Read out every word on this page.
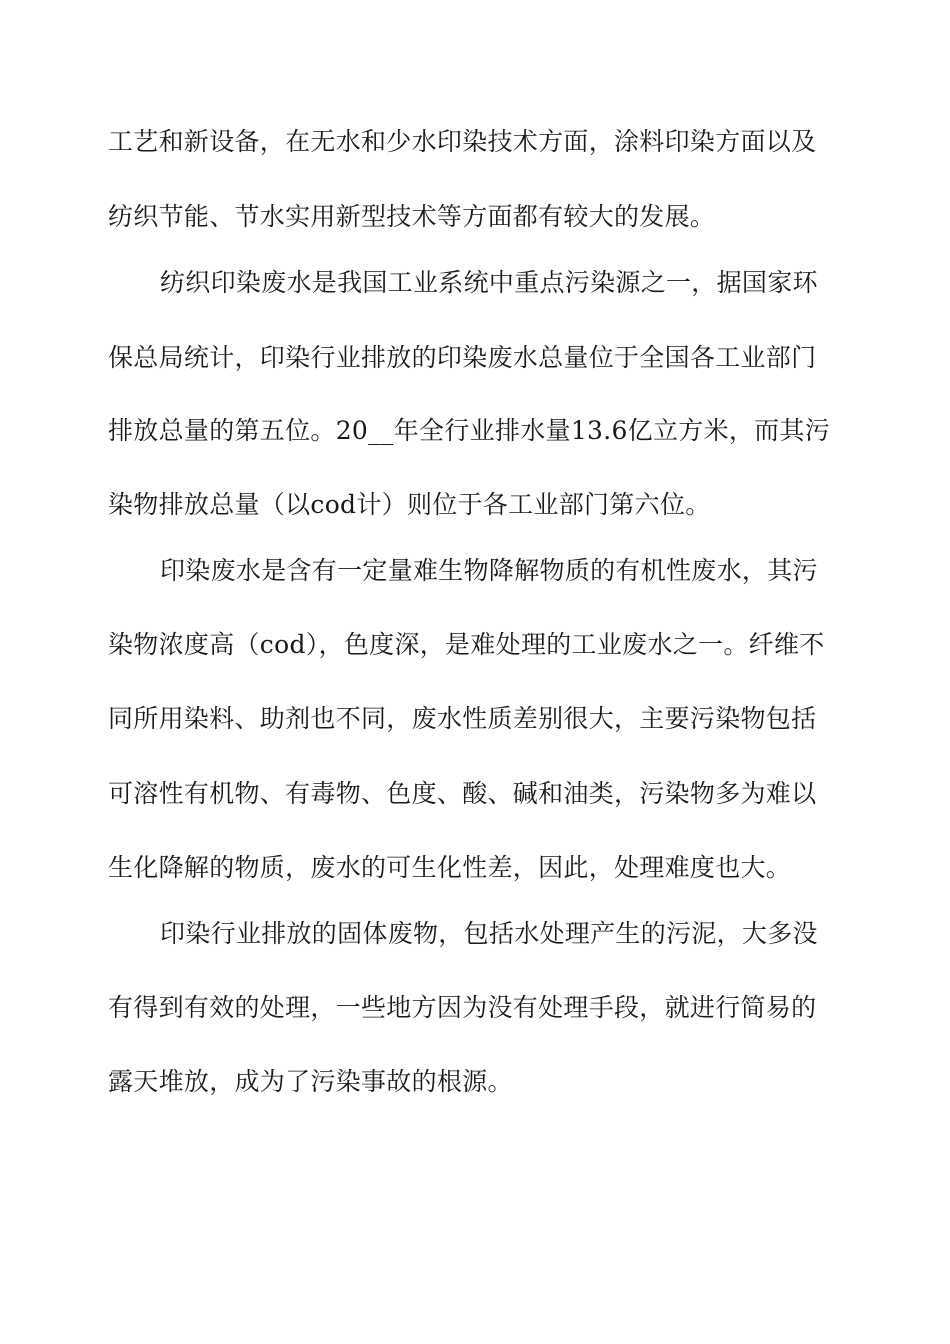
工艺和新设备，在无水和少水印染技术方面，涂料印染方面以及
纺织节能、节水实用新型技术等方面都有较大的发展。
纺织印染废水是我国工业系统中重点污染源之一，据国家环
保总局统计，印染行业排放的印染废水总量位于全国各工业部门
排放总量的第五位。20__年全行业排水量13.6亿立方米，而其污
染物排放总量（以cod计）则位于各工业部门第六位。
印染废水是含有一定量难生物降解物质的有机性废水，其污
染物浓度高（cod），色度深，是难处理的工业废水之一。纤维不
同所用染料、助剂也不同，废水性质差别很大，主要污染物包括
可溶性有机物、有毒物、色度、酸、碱和油类，污染物多为难以
生化降解的物质，废水的可生化性差，因此，处理难度也大。
印染行业排放的固体废物，包括水处理产生的污泥，大多没
有得到有效的处理，一些地方因为没有处理手段，就进行简易的
露天堆放，成为了污染事故的根源。
